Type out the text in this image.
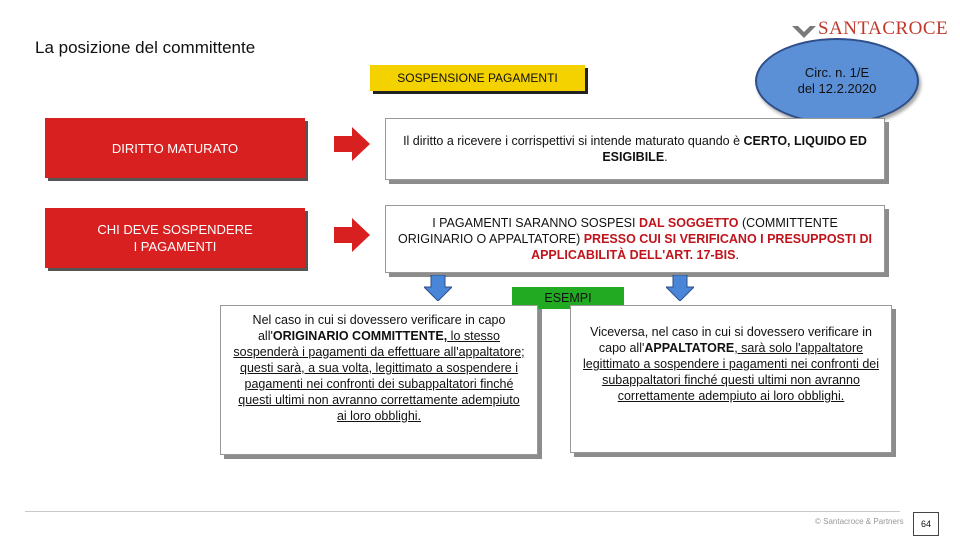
La posizione del committente
SANTACROCE
Circ. n. 1/E
del 12.2.2020
SOSPENSIONE PAGAMENTI
DIRITTO MATURATO	Il diritto a ricevere i corrispettivi si intende maturato quando è CERTO, LIQUIDO ED ESIGIBILE.
CHI DEVE SOSPENDERE
I PAGAMENTI
I PAGAMENTI SARANNO SOSPESI DAL SOGGETTO (COMMITTENTE ORIGINARIO O APPALTATORE) PRESSO CUI SI VERIFICANO I PRESUPPOSTI DI APPLICABILITÀ DELL'ART. 17-BIS.
ESEMPI
Nel caso in cui si dovessero verificare in capo all'ORIGINARIO COMMITTENTE, lo stesso sospenderà i pagamenti da effettuare all'appaltatore; questi sarà, a sua volta, legittimato a sospendere i pagamenti nei confronti dei subappaltatori finché questi ultimi non avranno correttamente adempiuto ai loro obblighi.
Viceversa, nel caso in cui si dovessero verificare in capo all'APPALTATORE, sarà solo l'appaltatore legittimato a sospendere i pagamenti nei confronti dei subappaltatori finché questi ultimi non avranno correttamente adempiuto ai loro obblighi.
© Santacroce & Partners	64
